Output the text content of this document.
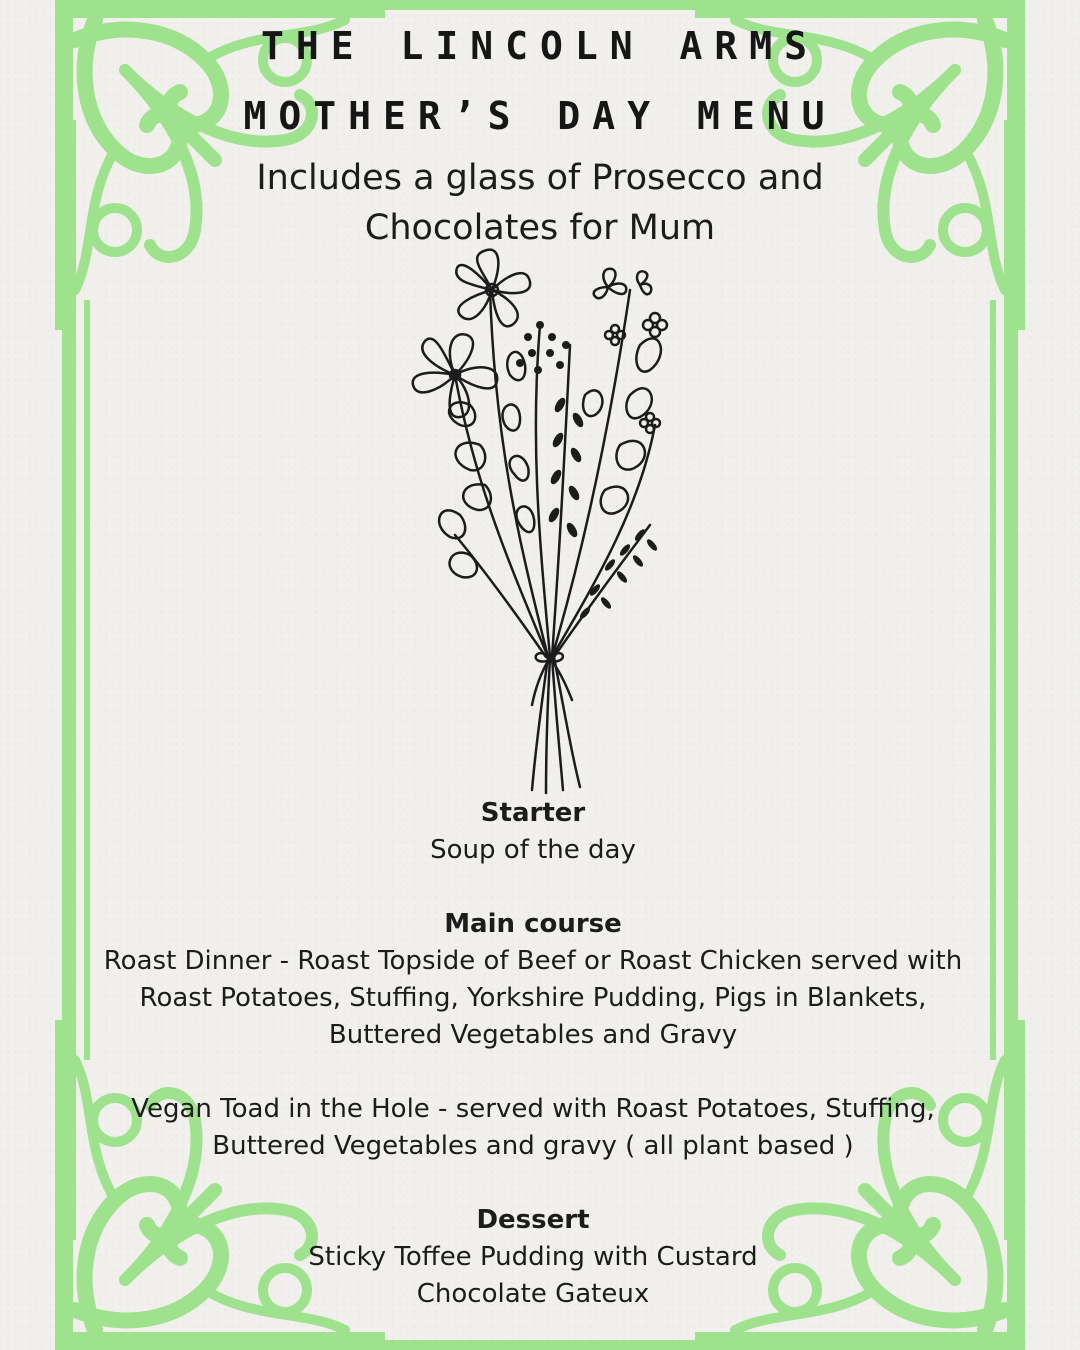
THE LINCOLN ARMS
MOTHER’S DAY MENU
Includes a glass of Prosecco and
Chocolates for Mum
Starter
Soup of the day
Main course
Roast Dinner - Roast Topside of Beef or Roast Chicken served with
Roast Potatoes, Stuffing, Yorkshire Pudding, Pigs in Blankets,
Buttered Vegetables and Gravy
Vegan Toad in the Hole - served with Roast Potatoes, Stuffing,
Buttered Vegetables and gravy ( all plant based )
Dessert
Sticky Toffee Pudding with Custard
Chocolate Gateux
